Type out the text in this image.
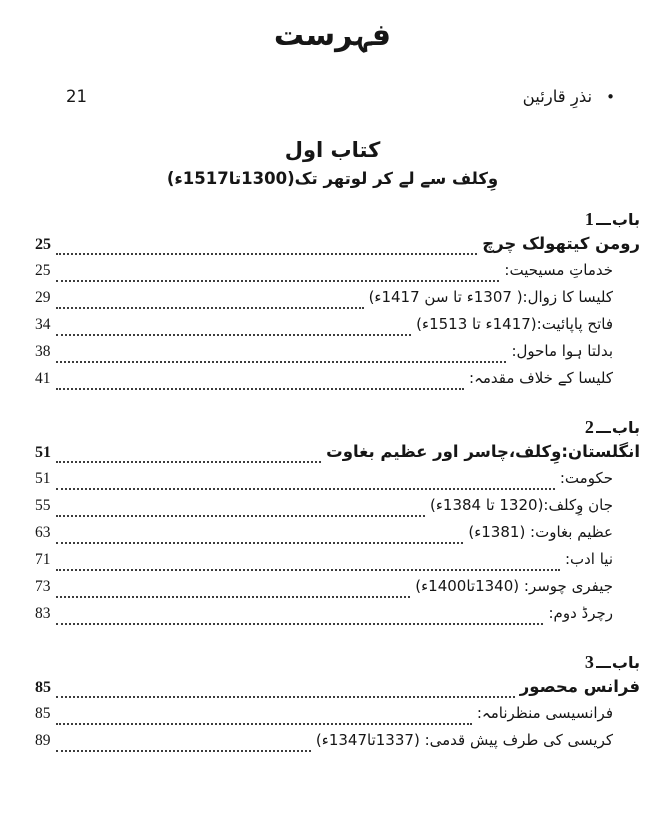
فہرست
•
نذرِ قارئین
21
کتاب اول
وِکلف سے لے کر لوتھر تک(1300تا1517ء)
باب1
رومن کیتھولک چرچ
25
خدماتِ مسیحیت:
25
کلیسا کا زوال:( 1307ء تا سن 1417ء)
29
فاتح پاپائیت:(1417ء تا 1513ء)
34
بدلتا ہوا ماحول:
38
کلیسا کے خلاف مقدمہ:
41
باب2
انگلستان:وِکلف،چاسر اور عظیم بغاوت
51
حکومت:
51
جان وِکلف:(1320 تا 1384ء)
55
عظیم بغاوت: (1381ء)
63
نیا ادب:
71
جیفری چوسر: (1340تا1400ء)
73
رچرڈ دوم:
83
باب3
فرانس محصور
85
فرانسیسی منظرنامہ:
85
کریسی کی طرف پیش قدمی: (1337تا1347ء)
89
